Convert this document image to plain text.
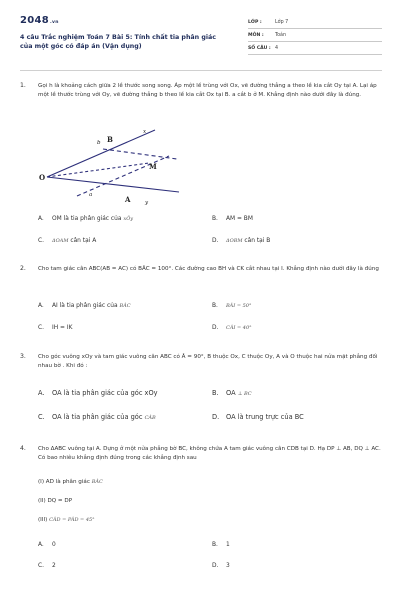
2048.vn
4 câu Trắc nghiệm Toán 7 Bài 5: Tính chất tia phân giác của một góc có đáp án (Vận dụng)
LỚP :	Lớp 7
MÔN :	Toán
SỐ CÂU : 4
1. Gọi h là khoảng cách giữa 2 lề thước song song. Áp một lề trùng với Ox, vẽ đường thẳng a theo lề kia cắt Oy tại A. Lại áp một lề thước trùng với Oy, vẽ đường thẳng b theo lề kia cắt Ox tại B. a cắt b ở M. Khẳng định nào dưới đây là đúng.
A. OM là tia phân giác của xÔy	B. AM = BM
C. ΔOAM cân tại A	D. ΔOBM cân tại B
O
b B
M
x
a	A	y
2. Cho tam giác cân ABC(AB = AC) có BÂC = 100°. Các đường cao BH và CK cắt nhau tại I. Khẳng định nào dưới đây là đúng
A. AI là tia phân giác của BÂC	B. BÂI = 50°
C. IH = IK	D. CÂI = 40°
3. Cho góc vuông xOy và tam giác vuông cân ABC có Â = 90°, B thuộc Ox, C thuộc Oy, A và O thuộc hai nửa mặt phẳng đối nhau bờ . Khi đó :
A. OA là tia phân giác của góc xOy	B. OA ⊥ BC
C. OA là tia phân giác của góc CÂB	D. OA là trung trực của BC
4. Cho ΔABC vuông tại A. Dựng ở một nửa phẳng bờ BC, không chứa A tam giác vuông cân CDB tại D. Hạ DP ⊥ AB, DQ ⊥ AC. Có bao nhiêu khẳng định đúng trong các khẳng định sau
(I) AD là phân giác BÂC
(II) DQ = DP
(III) CÂD = PÂD = 45°
A. 0	B. 1
C. 2	D. 3
